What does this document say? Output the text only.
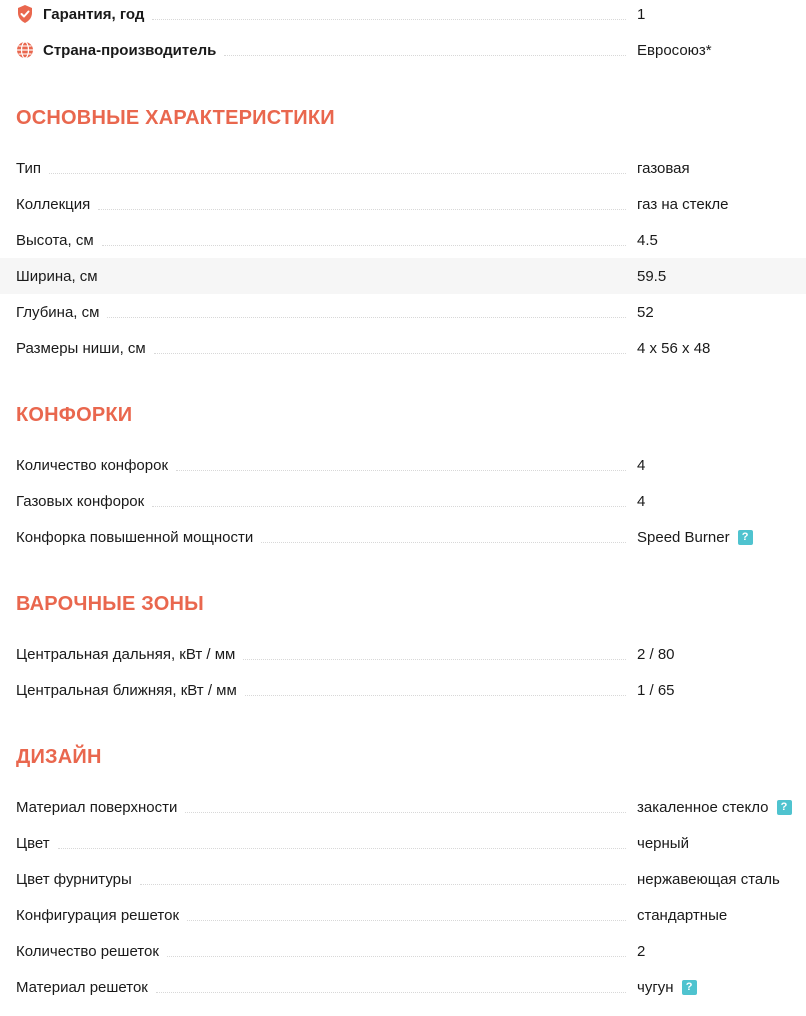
Гарантия, год	1
Страна-производитель	Евросоюз*
ОСНОВНЫЕ ХАРАКТЕРИСТИКИ
Тип	газовая
Коллекция	газ на стекле
Высота, см	4.5
Ширина, см	59.5
Глубина, см	52
Размеры ниши, см	4 x 56 x 48
КОНФОРКИ
Количество конфорок	4
Газовых конфорок	4
Конфорка повышенной мощности	Speed Burner	?
ВАРОЧНЫЕ ЗОНЫ
Центральная дальняя, кВт / мм	2 / 80
Центральная ближняя, кВт / мм	1 / 65
ДИЗАЙН
Материал поверхности	закаленное стекло	?
Цвет	черный
Цвет фурнитуры	нержавеющая сталь
Конфигурация решеток	стандартные
Количество решеток	2
Материал решеток	чугун	?
